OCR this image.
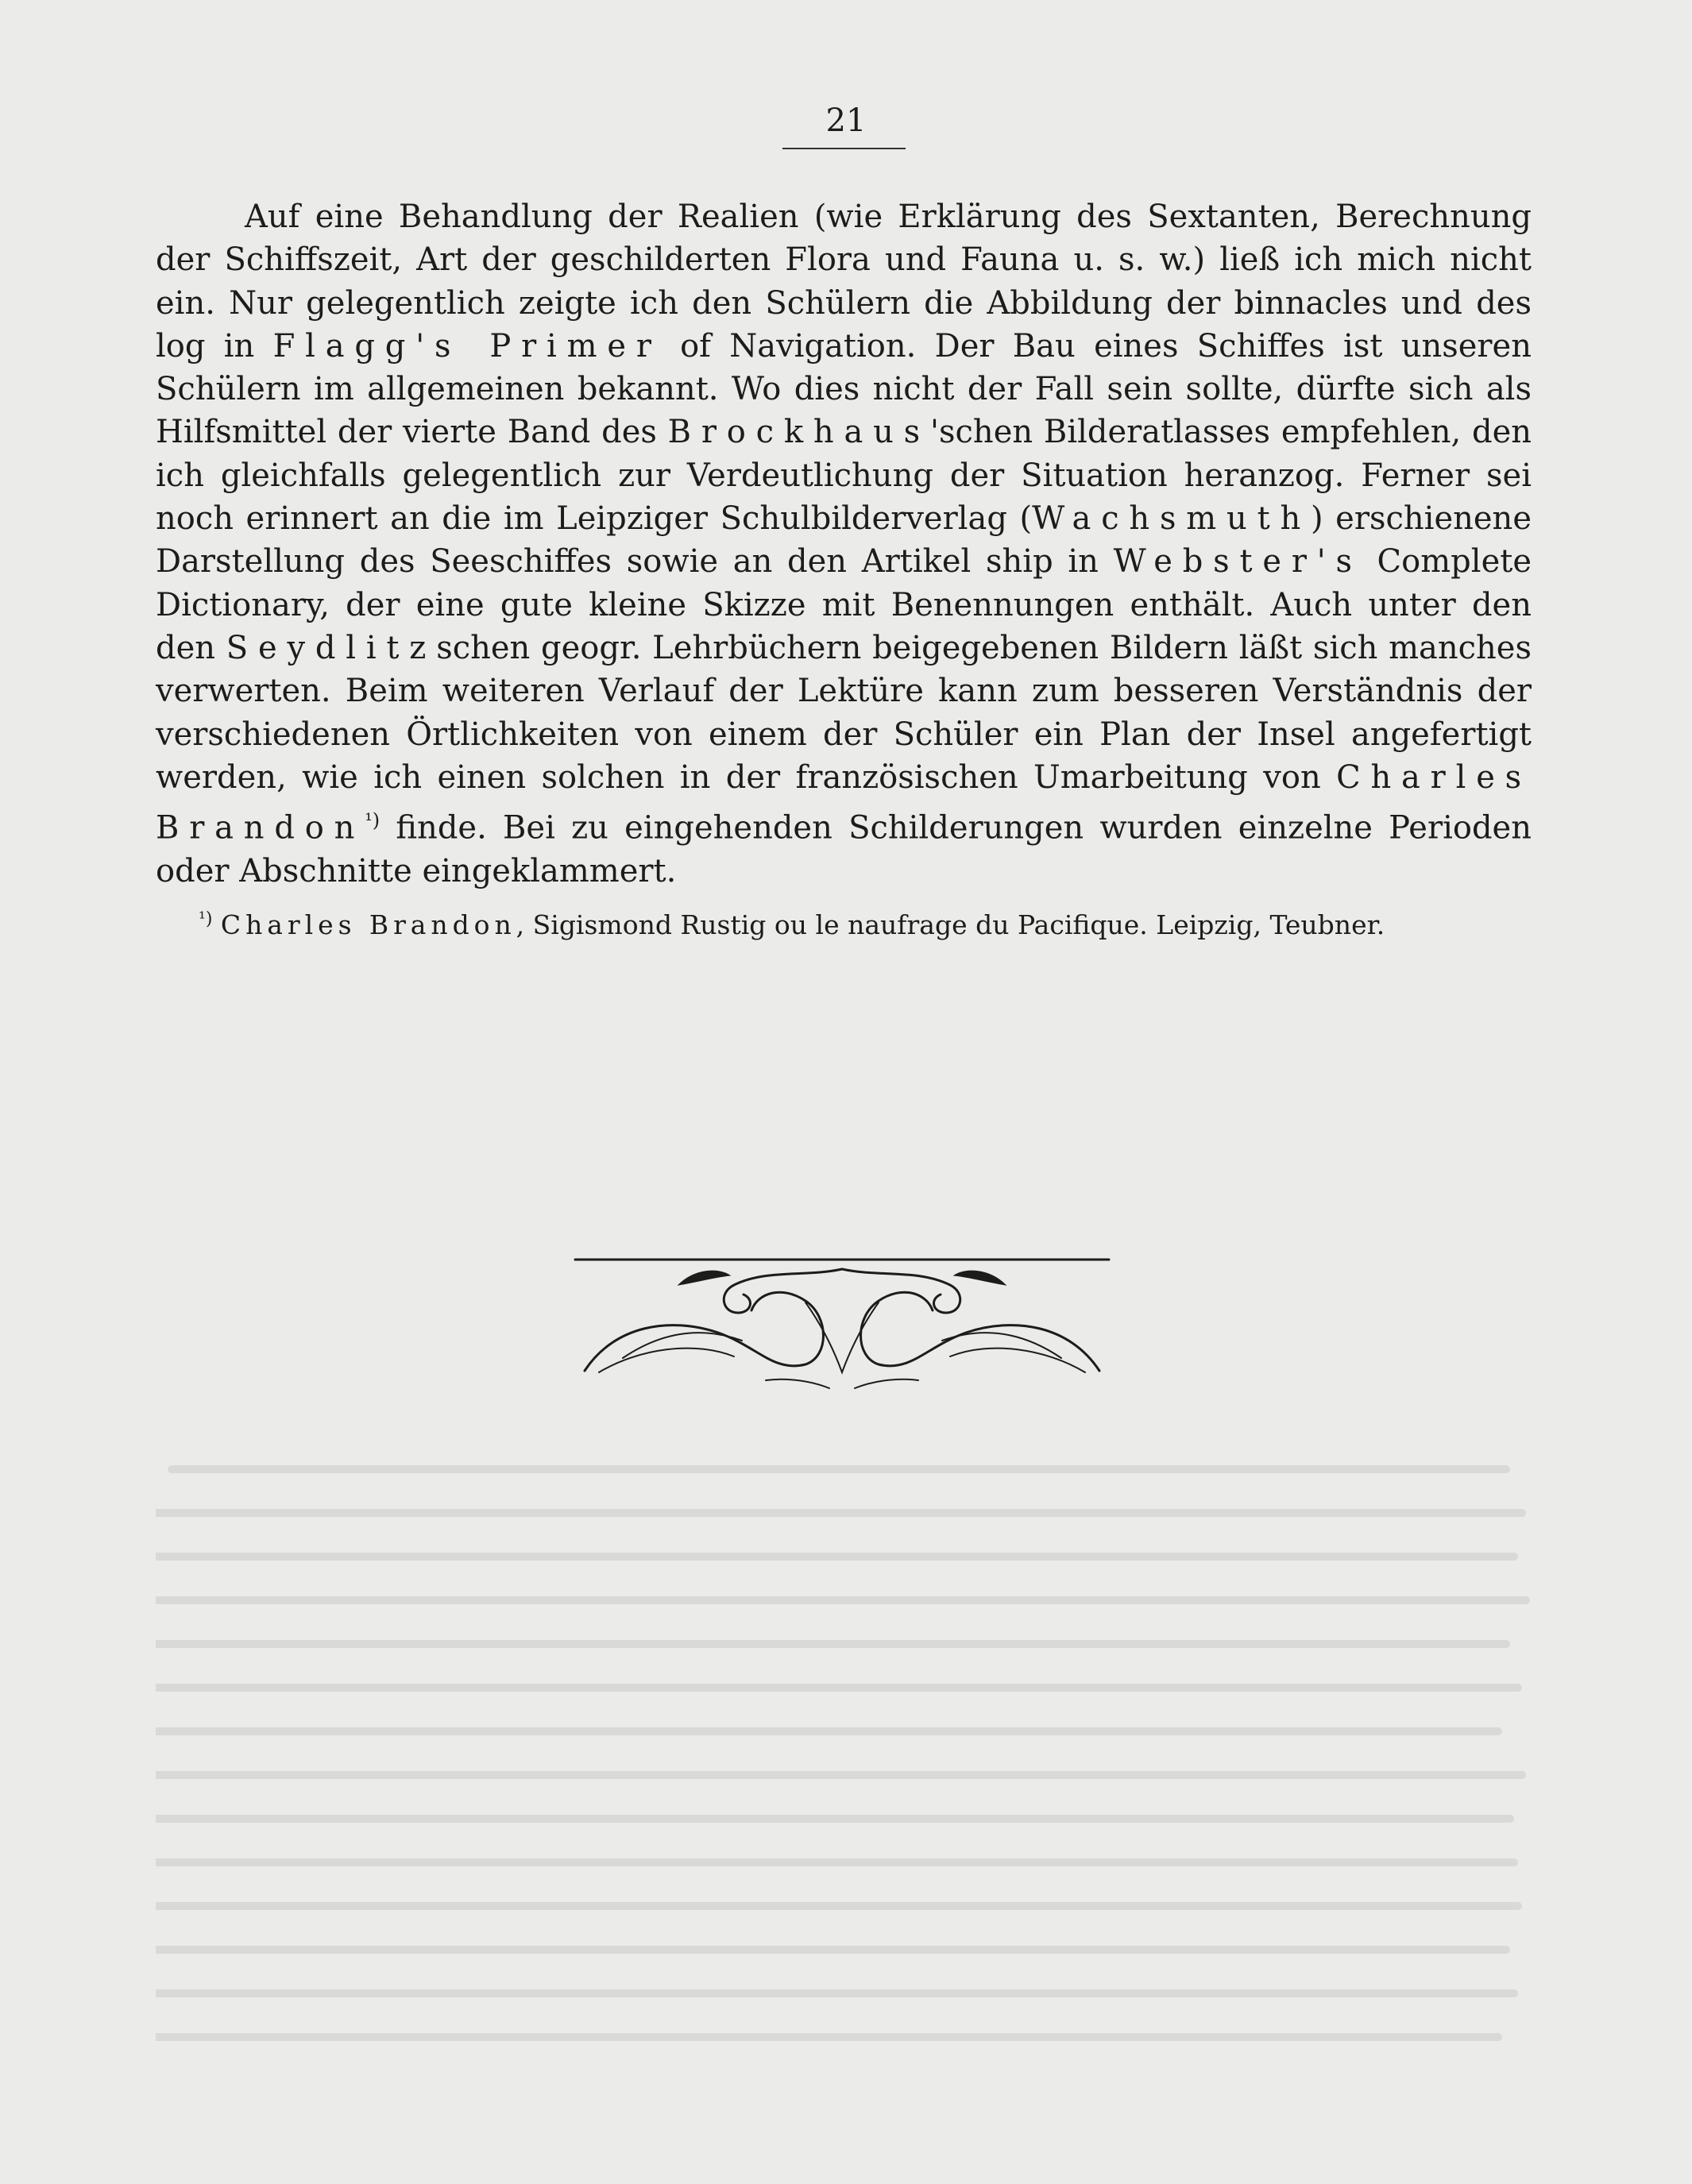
21

Auf eine Behandlung der Realien (wie Erklärung des Sextanten, Berechnung der Schiffszeit, Art der geschilderten Flora und Fauna u. s. w.) ließ ich mich nicht ein. Nur gelegentlich zeigte ich den Schülern die Abbildung der binnacles und des log in Flagg's Primer of Navigation. Der Bau eines Schiffes ist unseren Schülern im allgemeinen bekannt. Wo dies nicht der Fall sein sollte, dürfte sich als Hilfsmittel der vierte Band des Brockhaus'schen Bilderatlasses empfehlen, den ich gleichfalls gelegentlich zur Verdeutlichung der Situation heranzog. Ferner sei noch erinnert an die im Leipziger Schulbilderverlag (Wachsmuth) erschienene Darstellung des Seeschiffes sowie an den Artikel ship in Webster's Complete Dictionary, der eine gute kleine Skizze mit Benennungen enthält. Auch unter den den Seydlitzschen geogr. Lehrbüchern beigegebenen Bildern läßt sich manches verwerten. Beim weiteren Verlauf der Lektüre kann zum besseren Verständnis der verschiedenen Örtlichkeiten von einem der Schüler ein Plan der Insel angefertigt werden, wie ich einen solchen in der französischen Umarbeitung von Charles Brandon$^{^1)}$ finde. Bei zu eingehenden Schilderungen wurden einzelne Perioden oder Abschnitte eingeklammert.

$^{^1)}$ Charles Brandon, Sigismond Rustig ou le naufrage du Pacifique. Leipzig, Teubner.
